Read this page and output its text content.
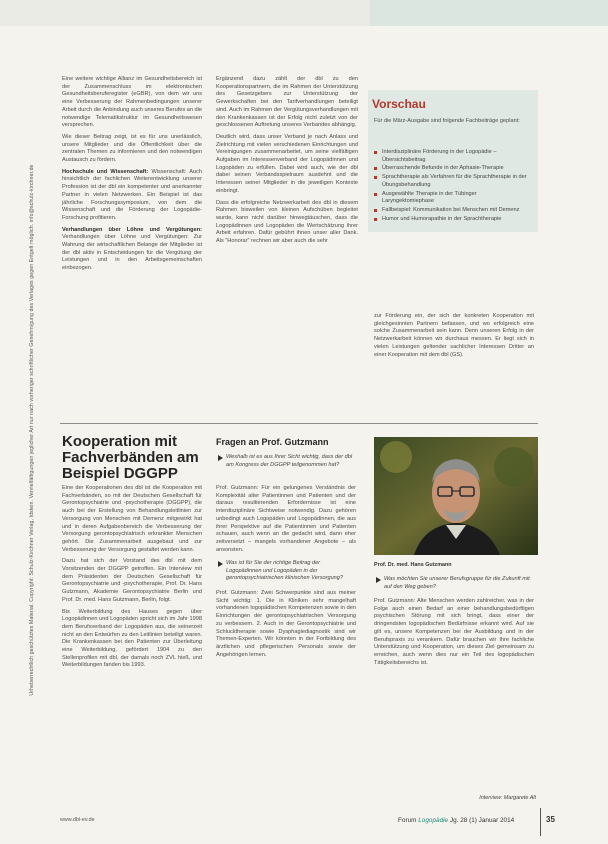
Urheberrechtlich geschütztes Material. Copyright: Schulz-Kirchner Verlag, Idstein. Vervielfältigungen jeglicher Art nur nach vorheriger schriftlicher Genehmigung des Verlages gegen Entgelt möglich. info@schulz-kirchner.de

Eine weitere wichtige Allianz im Gesundheitsbereich ist der Zusammenschluss im elektronischen Gesundheitsberuferegister (eGBR), von dem wir uns eine Verbesserung der Rahmenbedingungen unserer Arbeit durch die Anbindung auch unseres Berufes an die notwendige Telematikstruktur im Gesundheitswesen versprechen.

Wie dieser Beitrag zeigt, ist es für uns unerlässlich, unsere Mitglieder und die Öffentlichkeit über die zentralen Themen zu informieren und den notwendigen Austausch zu fördern.

Hochschule und Wissenschaft: Wissenschaft: Auch hinsichtlich der fachlichen Weiterentwicklung unserer Profession ist der dbl ein kompetenter und anerkannter Partner in vielen Netzwerken. Ein Beispiel ist das jährliche Forschungssymposium, von dem die Wissenschaft und die Förderung der Logopädie-Forschung profitieren.

Verhandlungen über Löhne und Vergütungen: Verhandlungen über Löhne und Vergütungen: Zur Wahrung der wirtschaftlichen Belange der Mitglieder ist der dbl aktiv in Entscheidungen für die Vergütung der Leistungen und in den Arbeitsgemeinschaften einbezogen.

Ergänzend dazu zählt der dbl zu den Kooperationspartnern, die im Rahmen der Unterstützung des Gesetzgebers zur Unterstützung der Gewerkschaften bei den Tarifverhandlungen beteiligt sind. Auch im Rahmen der Vergütungsverhandlungen mit den Krankenkassen ist der Erfolg nicht zuletzt von der geschlossenen Auftretung unseres Verbandes abhängig.

Deutlich wird, dass unser Verband je nach Anlass und Zielrichtung mit vielen verschiedenen Einrichtungen und Vereinigungen zusammenarbeitet, um seine vielfältigen Aufgaben im Interessenverband der Logopädinnen und Logopäden zu erfüllen. Dabei wird auch, wie der dbl dabei seinen Verbandsspielraum ausdehnt und die Interessen seiner Mitglieder in die jeweiligen Kontexte einbringt.

Dass die erfolgreiche Netzwerkarbeit des dbl in diesem Rahmen bisweilen von kleinen Aufschüben begleitet wurde, kann nicht darüber hinwegtäuschen, dass die Logopädinnen und Logopäden die Wertschätzung ihrer Arbeit erfahren. Dafür gebührt ihnen unser aller Dank. Als "Honorar" rechnen wir aber auch die sehr

Vorschau
Für die März-Ausgabe sind folgende Fachbeiträge geplant:
Interdisziplinäre Förderung in der Logopädie – Übersichtsbeitrag
Überraschende Befunde in der Aphasie-Therapie
Sprachtherapie als Verfahren für die Sprachtherapie in der Übungsbehandlung
Ausgewählte Therapie in der Tübinger Laryngektomiephase
Fallbeispiel: Kommunikation bei Menschen mit Demenz
Humor und Humorapathie in der Sprachtherapie
zur Förderung ein, der sich der konkreten Kooperation mit gleichgesinnten Partnern befassen, und wo erfolgreich eine solche Zusammenarbeit sein kann. Denn unseren Erfolg in der Netzwerkarbeit können wir durchaus messen. Er liegt sich in vielen Leistungen geltender sachlicher Interessen Dritter an einer Kooperation mit dem dbl (GS).
Kooperation mit Fachverbänden am Beispiel DGGPP

Eine der Kooperationen des dbl ist die Kooperation mit Fachverbänden, so mit der Deutschen Gesellschaft für Gerontopsychiatrie und -psychotherapie (DGGPP), die auch bei der Erstellung von Behandlungsleitlinien zur Versorgung von Menschen mit Demenz mitgewirkt hat und in deren Aufgabenbereich die Verbesserung der Versorgung gerontopsychiatrisch erkrankter Menschen gehört. Die Zusammenarbeit ausgebaut und zur Verbesserung der Versorgung gestaltet werden kann.

Dazu hat sich der Vorstand des dbl mit dem Vorsitzenden der DGGPP getroffen. Ein Interview mit dem Präsidenten der Deutschen Gesellschaft für Gerontopsychiatrie und -psychotherapie, Prof. Dr. Hans Gutzmann, Akademie Gerontopsychiatrie Berlin und Prof. Dr. med. Hans Gutzmann, Berlin, folgt.

Bis Weiterbildung des Hauses gegen über Logopädinnen und Logopäden spricht sich im Jahr 1998 dem Berufsverband der Logopäden aus, die seinerzeit nicht an den Entwürfen zu den Leitlinien beteiligt waren. Die Krankenkassen bei den Patienten zur Überleitung eine Weiterbildung, gefördert 1904 zu den Stellenprofilen mit dbl, der damals noch ZVL hieß, und Weiterbildungen fanden bis 1993.

Fragen an Prof. Gutzmann
Weshalb ist es aus Ihrer Sicht wichtig, dass der dbl am Kongress der DGGPP teilgenommen hat?
Prof. Gutzmann: Für ein gelungenes Verständnis der Komplexität alter Patientinnen und Patienten und der daraus resultierenden Erfordernisse ist eine interdisziplinäre Sichtweise notwendig. Dazu gehören unbedingt auch Logopäden und Logopädinnen, die aus ihrer Perspektive auf die Patientinnen und Patienten schauen, auch wenn an die gedacht wird, dann eher zeitversetzt – mangels vorhandener Angebote – als ansonsten.
Was ist für Sie der richtige Beitrag der Logopädinnen und Logopäden in der gerontopsychiatrischen klinischen Versorgung?
Prof. Gutzmann: Zwei Schwerpunkte sind aus meiner Sicht wichtig: 1. Die in Kliniken sehr mangelhaft vorhandenen logopädischen Kompetenzen sowie in den Einrichtungen der gerontopsychiatrischen Versorgung zu verbessern. 2. Auch in der Gerontopsychiatrie und Schlucktherapie sowie Dysphagiediagnostik sind wir Themen-Experten. Wir könnten in der Fortbildung des ärztlichen und pflegerischen Personals sowie der Angehörigen lernen.
Prof. Dr. med. Hans Gutzmann
Was möchten Sie unserer Berufsgruppe für die Zukunft mit auf den Weg geben?
Prof. Gutzmann: Alte Menschen werden zahlreicher, was in der Folge auch einen Bedarf an einer behandlungsbedürftigen psychischen Störung mit sich bringt, dass einer der dringendsten logopädischen Bedürfnisse erkannt wird. Auf sie gilt es, unsere Kompetenzen bei der Ausbildung und in der Berufspraxis zu verankern. Dafür brauchen wir Ihre fachliche Unterstützung und Kooperation, um dieses Ziel gemeinsam zu erreichen, auch wenn dies nur ein Teil des logopädischen Tätigkeitsbereichs ist.
Interview: Margarete Alt
www.dbl-ev.de	Forum Logopädie Jg. 28 (1) Januar 2014	35
